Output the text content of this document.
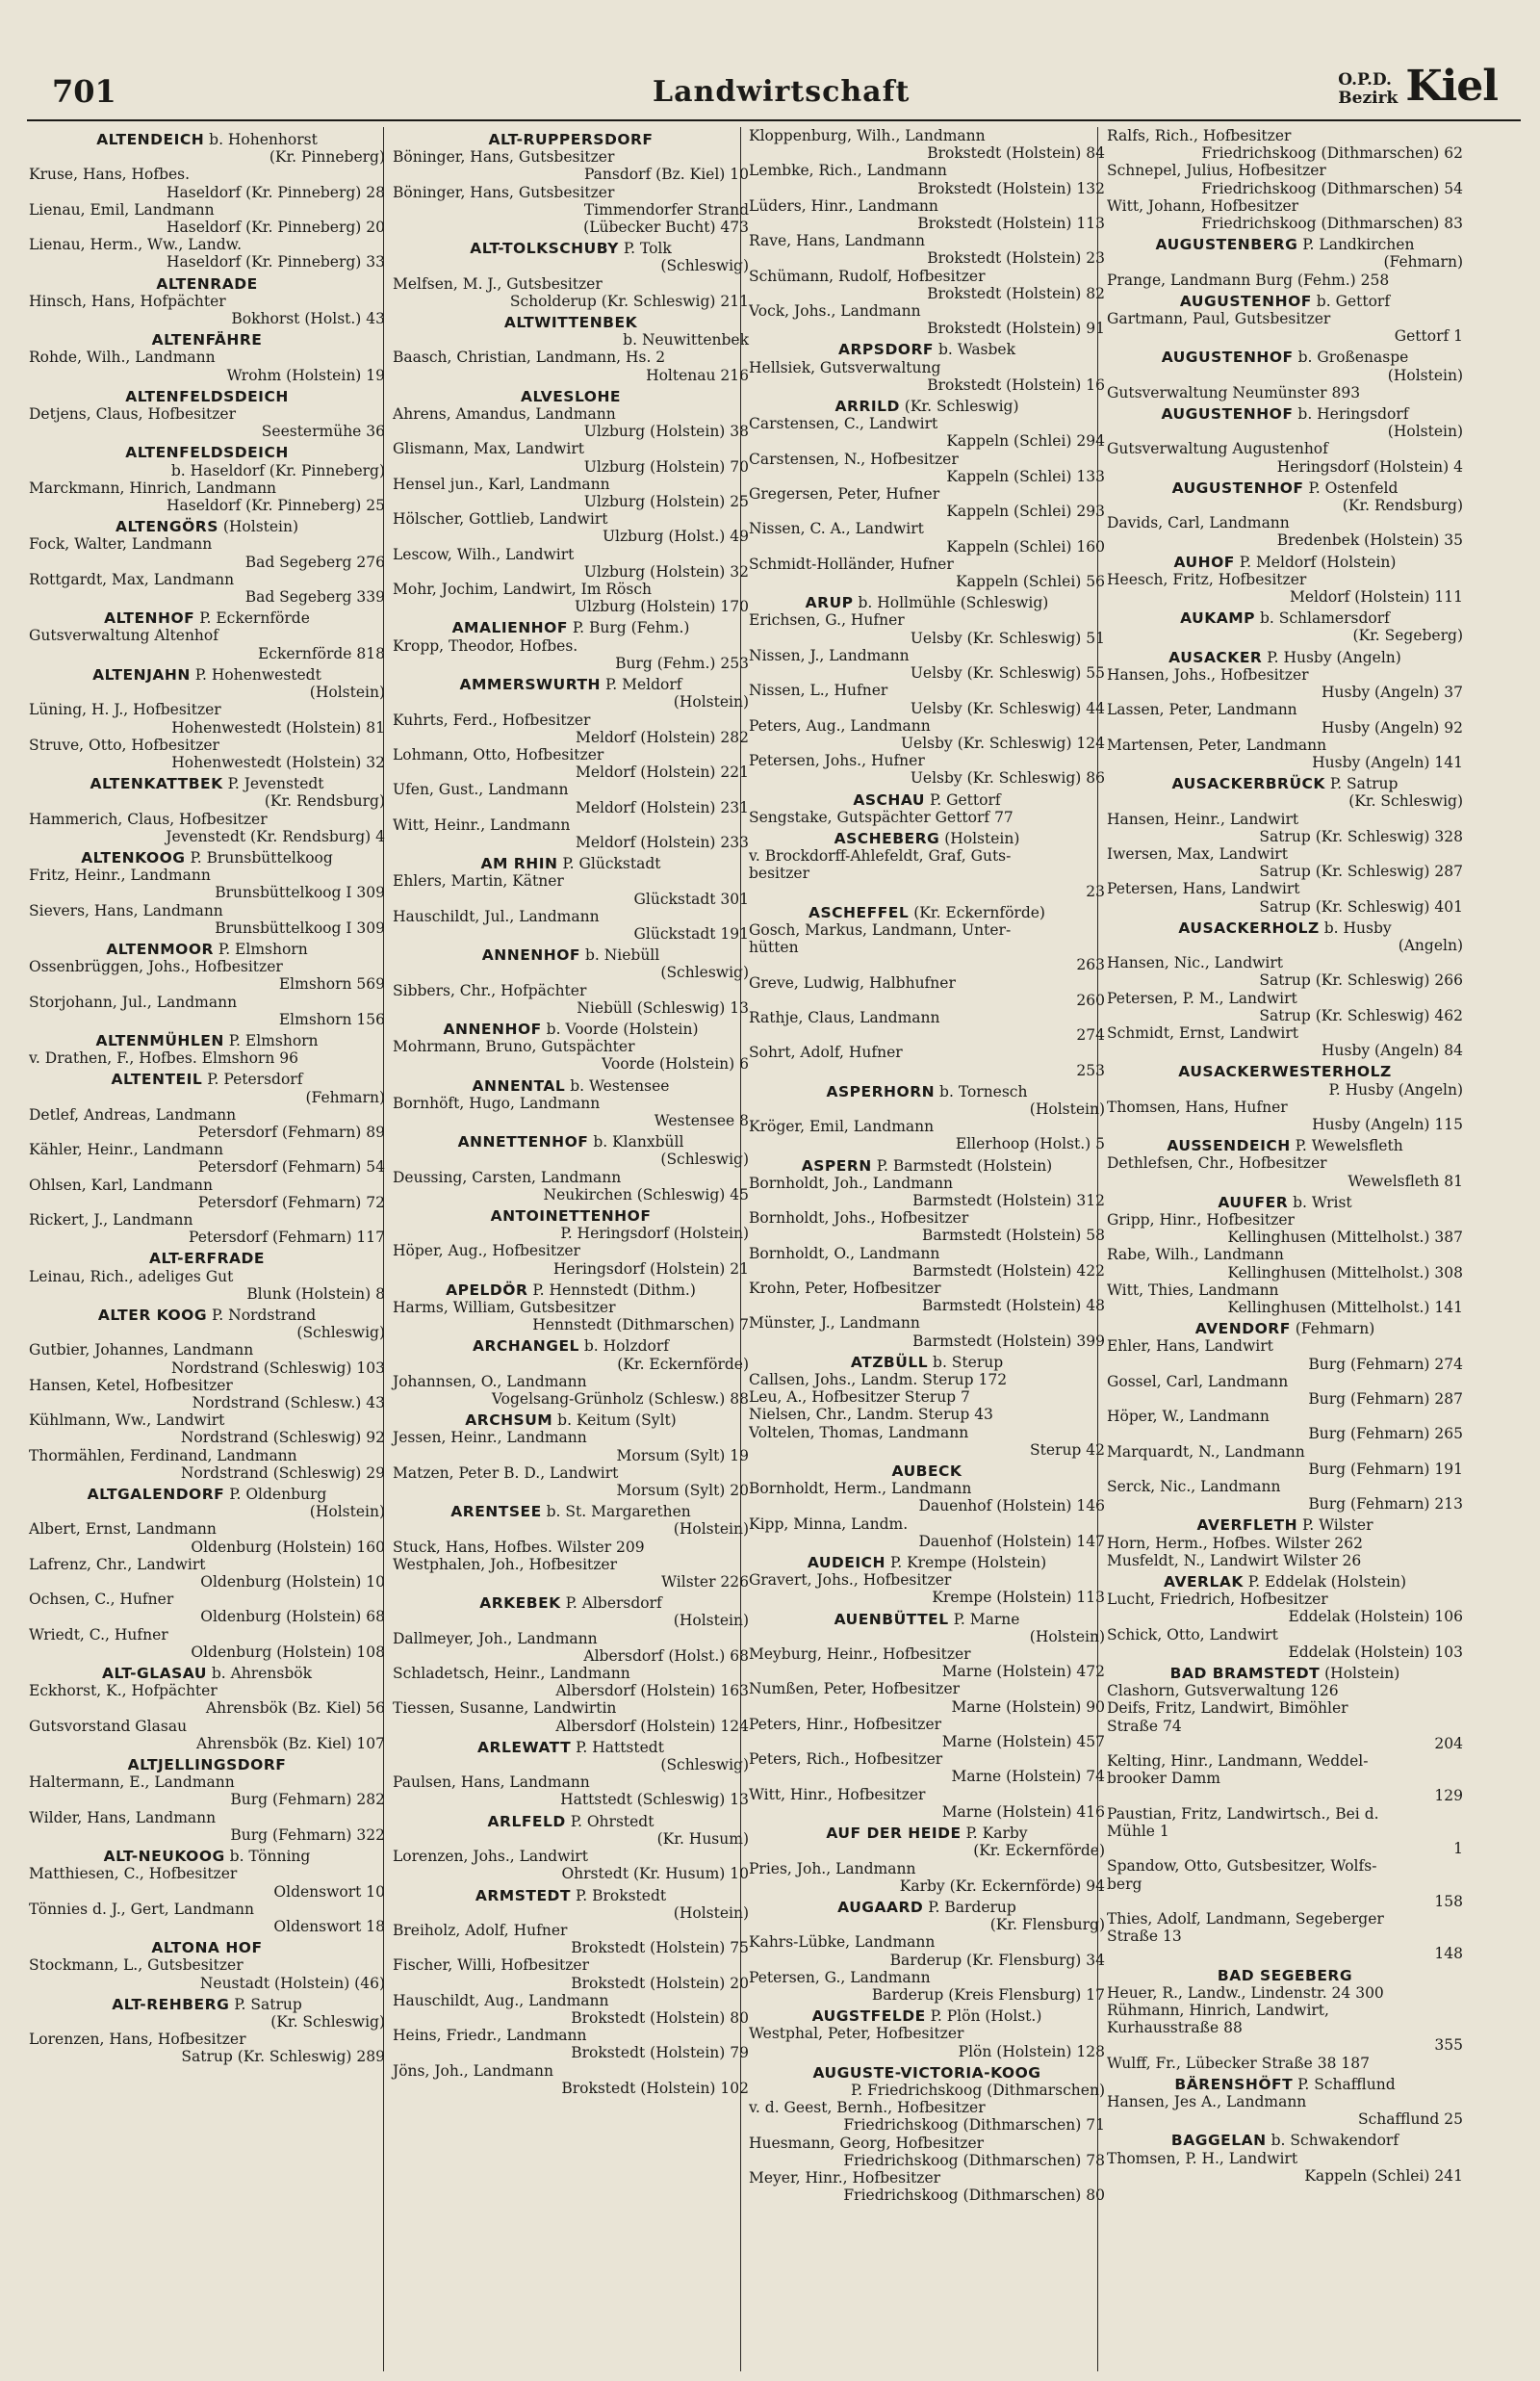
701	Landwirtschaft	O.P.D.
Bezirk Kiel
ALTENDEICH b. Hohenhorst
(Kr. Pinneberg)
Kruse, Hans, Hofbes.
Haseldorf (Kr. Pinneberg) 28
Lienau, Emil, Landmann
Haseldorf (Kr. Pinneberg) 20
Lienau, Herm., Ww., Landw.
Haseldorf (Kr. Pinneberg) 33
ALTENRADE
Hinsch, Hans, Hofpächter
Bokhorst (Holst.) 43
ALTENFÄHRE
Rohde, Wilh., Landmann
Wrohm (Holstein) 19
ALTENFELDSDEICH
Detjens, Claus, Hofbesitzer
Seestermühe 36
ALTENFELDSDEICH
b. Haseldorf (Kr. Pinneberg)
Marckmann, Hinrich, Landmann
Haseldorf (Kr. Pinneberg) 25
ALTENGÖRS (Holstein)
Fock, Walter, Landmann
Bad Segeberg 276
Rottgardt, Max, Landmann
Bad Segeberg 339
ALTENHOF P. Eckernförde
Gutsverwaltung Altenhof
Eckernförde 818
ALTENJAHN P. Hohenwestedt
(Holstein)
Lüning, H. J., Hofbesitzer
Hohenwestedt (Holstein) 81
Struve, Otto, Hofbesitzer
Hohenwestedt (Holstein) 32
ALTENKATTBEK P. Jevenstedt
(Kr. Rendsburg)
Hammerich, Claus, Hofbesitzer
Jevenstedt (Kr. Rendsburg) 4
ALTENKOOG P. Brunsbüttelkoog
Fritz, Heinr., Landmann
Brunsbüttelkoog I 309
Sievers, Hans, Landmann
Brunsbüttelkoog I 309
ALTENMOOR P. Elmshorn
Ossenbrüggen, Johs., Hofbesitzer
Elmshorn 569
Storjohann, Jul., Landmann
Elmshorn 156
ALTENMÜHLEN P. Elmshorn
v. Drathen, F., Hofbes. Elmshorn 96
ALTENTEIL P. Petersdorf
(Fehmarn)
Detlef, Andreas, Landmann
Petersdorf (Fehmarn) 89
Kähler, Heinr., Landmann
Petersdorf (Fehmarn) 54
Ohlsen, Karl, Landmann
Petersdorf (Fehmarn) 72
Rickert, J., Landmann
Petersdorf (Fehmarn) 117
ALT-ERFRADE
Leinau, Rich., adeliges Gut
Blunk (Holstein) 8
ALTER KOOG P. Nordstrand
(Schleswig)
Gutbier, Johannes, Landmann
Nordstrand (Schleswig) 103
Hansen, Ketel, Hofbesitzer
Nordstrand (Schlesw.) 43
Kühlmann, Ww., Landwirt
Nordstrand (Schleswig) 92
Thormählen, Ferdinand, Landmann
Nordstrand (Schleswig) 29
ALTGALENDORF P. Oldenburg
(Holstein)
Albert, Ernst, Landmann
Oldenburg (Holstein) 160
Lafrenz, Chr., Landwirt
Oldenburg (Holstein) 10
Ochsen, C., Hufner
Oldenburg (Holstein) 68
Wriedt, C., Hufner
Oldenburg (Holstein) 108
ALT-GLASAU b. Ahrensbök
Eckhorst, K., Hofpächter
Ahrensbök (Bz. Kiel) 56
Gutsvorstand Glasau
Ahrensbök (Bz. Kiel) 107
ALTJELLINGSDORF
Haltermann, E., Landmann
Burg (Fehmarn) 282
Wilder, Hans, Landmann
Burg (Fehmarn) 322
ALT-NEUKOOG b. Tönning
Matthiesen, C., Hofbesitzer
Oldenswort 10
Tönnies d. J., Gert, Landmann
Oldenswort 18
ALTONA HOF
Stockmann, L., Gutsbesitzer
Neustadt (Holstein) (46)
ALT-REHBERG P. Satrup
(Kr. Schleswig)
Lorenzen, Hans, Hofbesitzer
Satrup (Kr. Schleswig) 289
ALT-RUPPERSDORF
Böninger, Hans, Gutsbesitzer
Pansdorf (Bz. Kiel) 10
Böninger, Hans, Gutsbesitzer
Timmendorfer Strand
(Lübecker Bucht) 473
ALT-TOLKSCHUBY P. Tolk
(Schleswig)
Melfsen, M. J., Gutsbesitzer
Scholderup (Kr. Schleswig) 211
ALTWITTENBEK
b. Neuwittenbek
Baasch, Christian, Landmann, Hs. 2
Holtenau 216
ALVESLOHE
Ahrens, Amandus, Landmann
Ulzburg (Holstein) 38
Glismann, Max, Landwirt
Ulzburg (Holstein) 70
Hensel jun., Karl, Landmann
Ulzburg (Holstein) 25
Hölscher, Gottlieb, Landwirt
Ulzburg (Holst.) 49
Lescow, Wilh., Landwirt
Ulzburg (Holstein) 32
Mohr, Jochim, Landwirt, Im Rösch
Ulzburg (Holstein) 170
AMALIENHOF P. Burg (Fehm.)
Kropp, Theodor, Hofbes.
Burg (Fehm.) 253
AMMERSWURTH P. Meldorf
(Holstein)
Kuhrts, Ferd., Hofbesitzer
Meldorf (Holstein) 282
Lohmann, Otto, Hofbesitzer
Meldorf (Holstein) 221
Ufen, Gust., Landmann
Meldorf (Holstein) 231
Witt, Heinr., Landmann
Meldorf (Holstein) 233
AM RHIN P. Glückstadt
Ehlers, Martin, Kätner
Glückstadt 301
Hauschildt, Jul., Landmann
Glückstadt 191
ANNENHOF b. Niebüll
(Schleswig)
Sibbers, Chr., Hofpächter
Niebüll (Schleswig) 13
ANNENHOF b. Voorde (Holstein)
Mohrmann, Bruno, Gutspächter
Voorde (Holstein) 6
ANNENTAL b. Westensee
Bornhöft, Hugo, Landmann
Westensee 8
ANNETTENHOF b. Klanxbüll
(Schleswig)
Deussing, Carsten, Landmann
Neukirchen (Schleswig) 45
ANTOINETTENHOF
P. Heringsdorf (Holstein)
Höper, Aug., Hofbesitzer
Heringsdorf (Holstein) 21
APELDÖR P. Hennstedt (Dithm.)
Harms, William, Gutsbesitzer
Hennstedt (Dithmarschen) 7
ARCHANGEL b. Holzdorf
(Kr. Eckernförde)
Johannsen, O., Landmann
Vogelsang-Grünholz (Schlesw.) 88
ARCHSUM b. Keitum (Sylt)
Jessen, Heinr., Landmann
Morsum (Sylt) 19
Matzen, Peter B. D., Landwirt
Morsum (Sylt) 20
ARENTSEE b. St. Margarethen
(Holstein)
Stuck, Hans, Hofbes. Wilster 209
Westphalen, Joh., Hofbesitzer
Wilster 226
ARKEBEK P. Albersdorf
(Holstein)
Dallmeyer, Joh., Landmann
Albersdorf (Holst.) 68
Schladetsch, Heinr., Landmann
Albersdorf (Holstein) 163
Tiessen, Susanne, Landwirtin
Albersdorf (Holstein) 124
ARLEWATT P. Hattstedt
(Schleswig)
Paulsen, Hans, Landmann
Hattstedt (Schleswig) 13
ARLFELD P. Ohrstedt
(Kr. Husum)
Lorenzen, Johs., Landwirt
Ohrstedt (Kr. Husum) 10
ARMSTEDT P. Brokstedt
(Holstein)
Breiholz, Adolf, Hufner
Brokstedt (Holstein) 75
Fischer, Willi, Hofbesitzer
Brokstedt (Holstein) 20
Hauschildt, Aug., Landmann
Brokstedt (Holstein) 80
Heins, Friedr., Landmann
Brokstedt (Holstein) 79
Jöns, Joh., Landmann
Brokstedt (Holstein) 102
Kloppenburg, Wilh., Landmann
Brokstedt (Holstein) 84
Lembke, Rich., Landmann
Brokstedt (Holstein) 132
Lüders, Hinr., Landmann
Brokstedt (Holstein) 113
Rave, Hans, Landmann
Brokstedt (Holstein) 23
Schümann, Rudolf, Hofbesitzer
Brokstedt (Holstein) 82
Vock, Johs., Landmann
Brokstedt (Holstein) 91
ARPSDORF b. Wasbek
Hellsiek, Gutsverwaltung
Brokstedt (Holstein) 16
ARRILD (Kr. Schleswig)
Carstensen, C., Landwirt
Kappeln (Schlei) 294
Carstensen, N., Hofbesitzer
Kappeln (Schlei) 133
Gregersen, Peter, Hufner
Kappeln (Schlei) 293
Nissen, C. A., Landwirt
Kappeln (Schlei) 160
Schmidt-Holländer, Hufner
Kappeln (Schlei) 56
ARUP b. Hollmühle (Schleswig)
Erichsen, G., Hufner
Uelsby (Kr. Schleswig) 51
Nissen, J., Landmann
Uelsby (Kr. Schleswig) 55
Nissen, L., Hufner
Uelsby (Kr. Schleswig) 44
Peters, Aug., Landmann
Uelsby (Kr. Schleswig) 124
Petersen, Johs., Hufner
Uelsby (Kr. Schleswig) 86
ASCHAU P. Gettorf
Sengstake, Gutspächter Gettorf 77
ASCHEBERG (Holstein)
v. Brockdorff-Ahlefeldt, Graf, Guts-
besitzer
23
ASCHEFFEL (Kr. Eckernförde)
Gosch, Markus, Landmann, Unter-
hütten
263
Greve, Ludwig, Halbhufner
260
Rathje, Claus, Landmann
274
Sohrt, Adolf, Hufner
253
ASPERHORN b. Tornesch
(Holstein)
Kröger, Emil, Landmann
Ellerhoop (Holst.) 5
ASPERN P. Barmstedt (Holstein)
Bornholdt, Joh., Landmann
Barmstedt (Holstein) 312
Bornholdt, Johs., Hofbesitzer
Barmstedt (Holstein) 58
Bornholdt, O., Landmann
Barmstedt (Holstein) 422
Krohn, Peter, Hofbesitzer
Barmstedt (Holstein) 48
Münster, J., Landmann
Barmstedt (Holstein) 399
ATZBÜLL b. Sterup
Callsen, Johs., Landm. Sterup 172
Leu, A., Hofbesitzer Sterup 7
Nielsen, Chr., Landm. Sterup 43
Voltelen, Thomas, Landmann
Sterup 42
AUBECK
Bornholdt, Herm., Landmann
Dauenhof (Holstein) 146
Kipp, Minna, Landm.
Dauenhof (Holstein) 147
AUDEICH P. Krempe (Holstein)
Gravert, Johs., Hofbesitzer
Krempe (Holstein) 113
AUENBÜTTEL P. Marne
(Holstein)
Meyburg, Heinr., Hofbesitzer
Marne (Holstein) 472
Numßen, Peter, Hofbesitzer
Marne (Holstein) 90
Peters, Hinr., Hofbesitzer
Marne (Holstein) 457
Peters, Rich., Hofbesitzer
Marne (Holstein) 74
Witt, Hinr., Hofbesitzer
Marne (Holstein) 416
AUF DER HEIDE P. Karby
(Kr. Eckernförde)
Pries, Joh., Landmann
Karby (Kr. Eckernförde) 94
AUGAARD P. Barderup
(Kr. Flensburg)
Kahrs-Lübke, Landmann
Barderup (Kr. Flensburg) 34
Petersen, G., Landmann
Barderup (Kreis Flensburg) 17
AUGSTFELDE P. Plön (Holst.)
Westphal, Peter, Hofbesitzer
Plön (Holstein) 128
AUGUSTE-VICTORIA-KOOG
P. Friedrichskoog (Dithmarschen)
v. d. Geest, Bernh., Hofbesitzer
Friedrichskoog (Dithmarschen) 71
Huesmann, Georg, Hofbesitzer
Friedrichskoog (Dithmarschen) 78
Meyer, Hinr., Hofbesitzer
Friedrichskoog (Dithmarschen) 80
Ralfs, Rich., Hofbesitzer
Friedrichskoog (Dithmarschen) 62
Schnepel, Julius, Hofbesitzer
Friedrichskoog (Dithmarschen) 54
Witt, Johann, Hofbesitzer
Friedrichskoog (Dithmarschen) 83
AUGUSTENBERG P. Landkirchen
(Fehmarn)
Prange, Landmann Burg (Fehm.) 258
AUGUSTENHOF b. Gettorf
Gartmann, Paul, Gutsbesitzer
Gettorf 1
AUGUSTENHOF b. Großenaspe
(Holstein)
Gutsverwaltung Neumünster 893
AUGUSTENHOF b. Heringsdorf
(Holstein)
Gutsverwaltung Augustenhof
Heringsdorf (Holstein) 4
AUGUSTENHOF P. Ostenfeld
(Kr. Rendsburg)
Davids, Carl, Landmann
Bredenbek (Holstein) 35
AUHOF P. Meldorf (Holstein)
Heesch, Fritz, Hofbesitzer
Meldorf (Holstein) 111
AUKAMP b. Schlamersdorf
(Kr. Segeberg)
AUSACKER P. Husby (Angeln)
Hansen, Johs., Hofbesitzer
Husby (Angeln) 37
Lassen, Peter, Landmann
Husby (Angeln) 92
Martensen, Peter, Landmann
Husby (Angeln) 141
AUSACKERBRÜCK P. Satrup
(Kr. Schleswig)
Hansen, Heinr., Landwirt
Satrup (Kr. Schleswig) 328
Iwersen, Max, Landwirt
Satrup (Kr. Schleswig) 287
Petersen, Hans, Landwirt
Satrup (Kr. Schleswig) 401
AUSACKERHOLZ b. Husby
(Angeln)
Hansen, Nic., Landwirt
Satrup (Kr. Schleswig) 266
Petersen, P. M., Landwirt
Satrup (Kr. Schleswig) 462
Schmidt, Ernst, Landwirt
Husby (Angeln) 84
AUSACKERWESTERHOLZ
P. Husby (Angeln)
Thomsen, Hans, Hufner
Husby (Angeln) 115
AUSSENDEICH P. Wewelsfleth
Dethlefsen, Chr., Hofbesitzer
Wewelsfleth 81
AUUFER b. Wrist
Gripp, Hinr., Hofbesitzer
Kellinghusen (Mittelholst.) 387
Rabe, Wilh., Landmann
Kellinghusen (Mittelholst.) 308
Witt, Thies, Landmann
Kellinghusen (Mittelholst.) 141
AVENDORF (Fehmarn)
Ehler, Hans, Landwirt
Burg (Fehmarn) 274
Gossel, Carl, Landmann
Burg (Fehmarn) 287
Höper, W., Landmann
Burg (Fehmarn) 265
Marquardt, N., Landmann
Burg (Fehmarn) 191
Serck, Nic., Landmann
Burg (Fehmarn) 213
AVERFLETH P. Wilster
Horn, Herm., Hofbes. Wilster 262
Musfeldt, N., Landwirt Wilster 26
AVERLAK P. Eddelak (Holstein)
Lucht, Friedrich, Hofbesitzer
Eddelak (Holstein) 106
Schick, Otto, Landwirt
Eddelak (Holstein) 103
BAD BRAMSTEDT (Holstein)
Clashorn, Gutsverwaltung 126
Deifs, Fritz, Landwirt, Bimöhler
Straße 74
204
Kelting, Hinr., Landmann, Weddel-
brooker Damm
129
Paustian, Fritz, Landwirtsch., Bei d.
Mühle 1
1
Spandow, Otto, Gutsbesitzer, Wolfs-
berg
158
Thies, Adolf, Landmann, Segeberger
Straße 13
148
BAD SEGEBERG
Heuer, R., Landw., Lindenstr. 24 300
Rühmann, Hinrich, Landwirt,
Kurhausstraße 88
355
Wulff, Fr., Lübecker Straße 38 187
BÄRENSHÖFT P. Schafflund
Hansen, Jes A., Landmann
Schafflund 25
BAGGELAN b. Schwakendorf
Thomsen, P. H., Landwirt
Kappeln (Schlei) 241
